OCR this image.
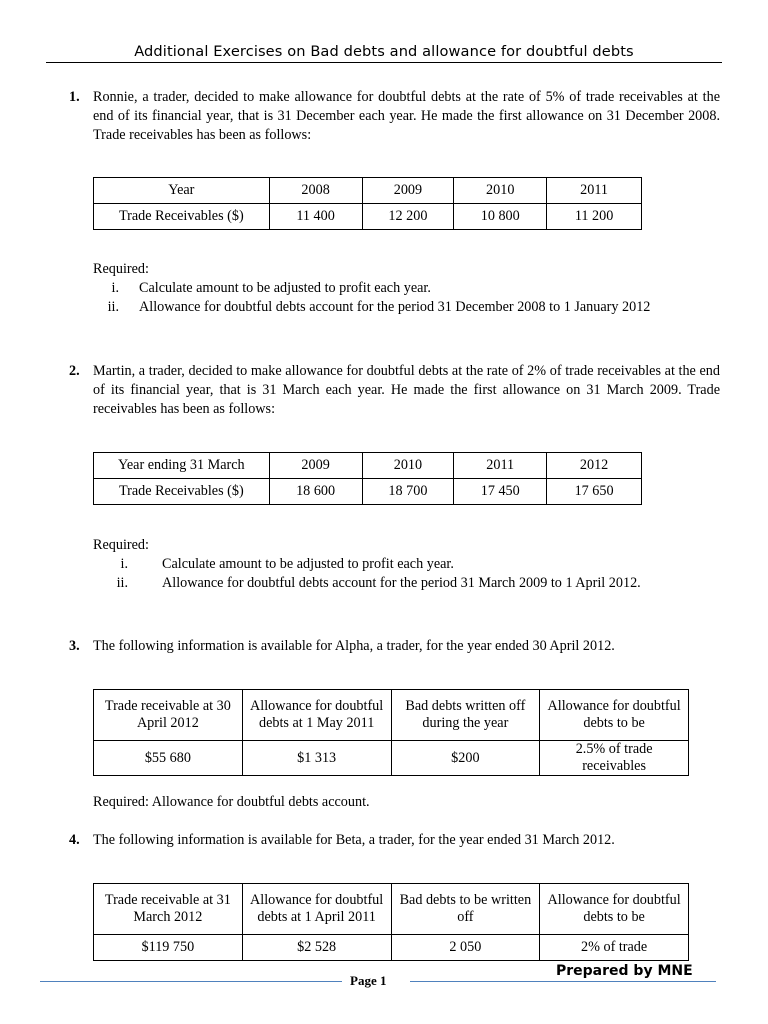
Additional Exercises on Bad debts and allowance for doubtful debts
1. Ronnie, a trader, decided to make allowance for doubtful debts at the rate of 5% of trade receivables at the end of its financial year, that is 31 December each year. He made the first allowance on 31 December 2008. Trade receivables has been as follows:
Year	2008	2009	2010	2011
Trade Receivables ($)	11 400	12 200	10 800	11 200
Required:
i. Calculate amount to be adjusted to profit each year.
ii. Allowance for doubtful debts account for the period 31 December 2008 to 1 January 2012
2. Martin, a trader, decided to make allowance for doubtful debts at the rate of 2% of trade receivables at the end of its financial year, that is 31 March each year. He made the first allowance on 31 March 2009. Trade receivables has been as follows:
Year ending 31 March	2009	2010	2011	2012
Trade Receivables ($)	18 600	18 700	17 450	17 650
Required:
i. Calculate amount to be adjusted to profit each year.
ii. Allowance for doubtful debts account for the period 31 March 2009 to 1 April 2012.
3. The following information is available for Alpha, a trader, for the year ended 30 April 2012.
Trade receivable at 30 April 2012	Allowance for doubtful debts at 1 May 2011	Bad debts written off during the year	Allowance for doubtful debts to be
$55 680	$1 313	$200	2.5% of trade receivables
Required: Allowance for doubtful debts account.
4. The following information is available for Beta, a trader, for the year ended 31 March 2012.
Trade receivable at 31 March 2012	Allowance for doubtful debts at 1 April 2011	Bad debts to be written off	Allowance for doubtful debts to be
$119 750	$2 528	2 050	2% of trade
Prepared by MNE
Page 1
